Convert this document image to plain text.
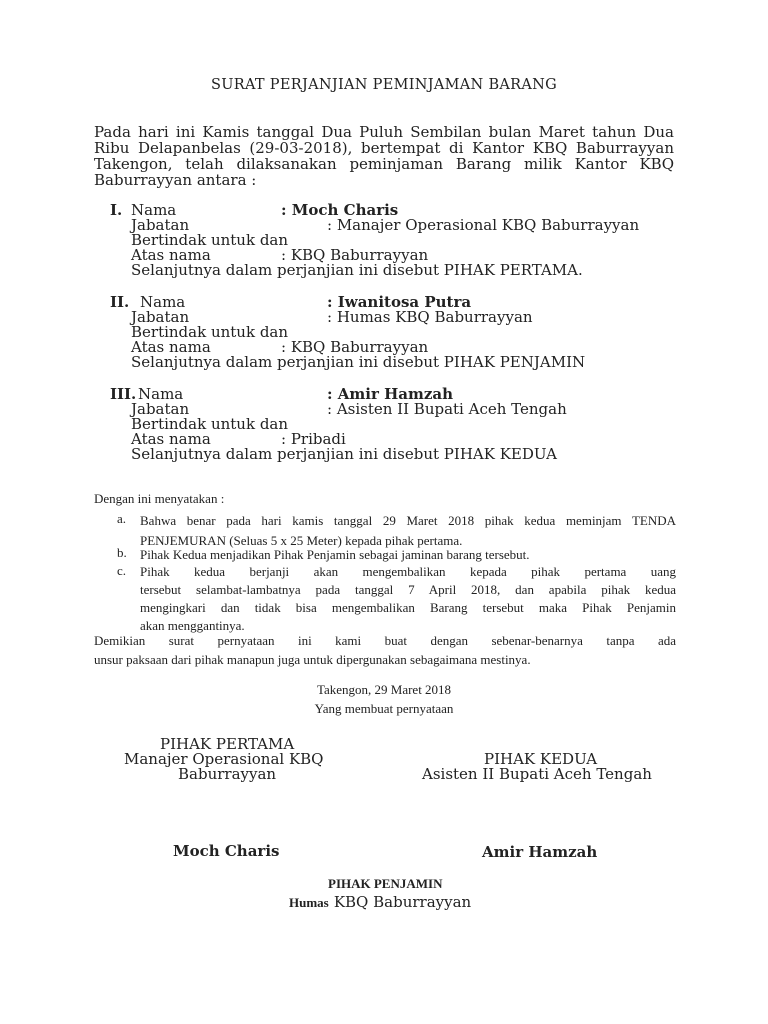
SURAT PERJANJIAN PEMINJAMAN BARANG
Pada hari ini Kamis tanggal Dua Puluh Sembilan bulan Maret tahun Dua
Ribu Delapanbelas (29-03-2018), bertempat di Kantor KBQ Baburrayyan
Takengon, telah dilaksanakan peminjaman Barang milik Kantor KBQ
Baburrayyan antara :
I. Nama	: Moch Charis
Jabatan	: Manajer Operasional KBQ Baburrayyan
Bertindak untuk dan
Atas nama	: KBQ Baburrayyan
Selanjutnya dalam perjanjian ini disebut PIHAK PERTAMA.
II. Nama	: Iwanitosa Putra
Jabatan	: Humas KBQ Baburrayyan
Bertindak untuk dan
Atas nama	: KBQ Baburrayyan
Selanjutnya dalam perjanjian ini disebut PIHAK PENJAMIN
III. Nama	: Amir Hamzah
Jabatan	: Asisten II Bupati Aceh Tengah
Bertindak untuk dan
Atas nama	: Pribadi
Selanjutnya dalam perjanjian ini disebut PIHAK KEDUA
Dengan ini menyatakan :
a. Bahwa benar pada hari kamis tanggal 29 Maret 2018 pihak kedua meminjam TENDA
PENJEMURAN (Seluas 5 x 25 Meter) kepada pihak pertama.
b. Pihak Kedua menjadikan Pihak Penjamin sebagai jaminan barang tersebut.
c. Pihak kedua berjanji akan mengembalikan kepada pihak pertama uang
tersebut selambat-lambatnya pada tanggal 7 April 2018, dan apabila pihak kedua
mengingkari dan tidak bisa mengembalikan Barang tersebut maka Pihak Penjamin
akan menggantinya.
Demikian surat pernyataan ini kami buat dengan sebenar-benarnya tanpa ada
unsur paksaan dari pihak manapun juga untuk dipergunakan sebagaimana mestinya.
Takengon, 29 Maret 2018
Yang membuat pernyataan
PIHAK PERTAMA
Manajer Operasional KBQ
Baburrayyan
Moch Charis
PIHAK KEDUA
Asisten II Bupati Aceh Tengah
Amir Hamzah
PIHAK PENJAMIN
Humas KBQ Baburrayyan
